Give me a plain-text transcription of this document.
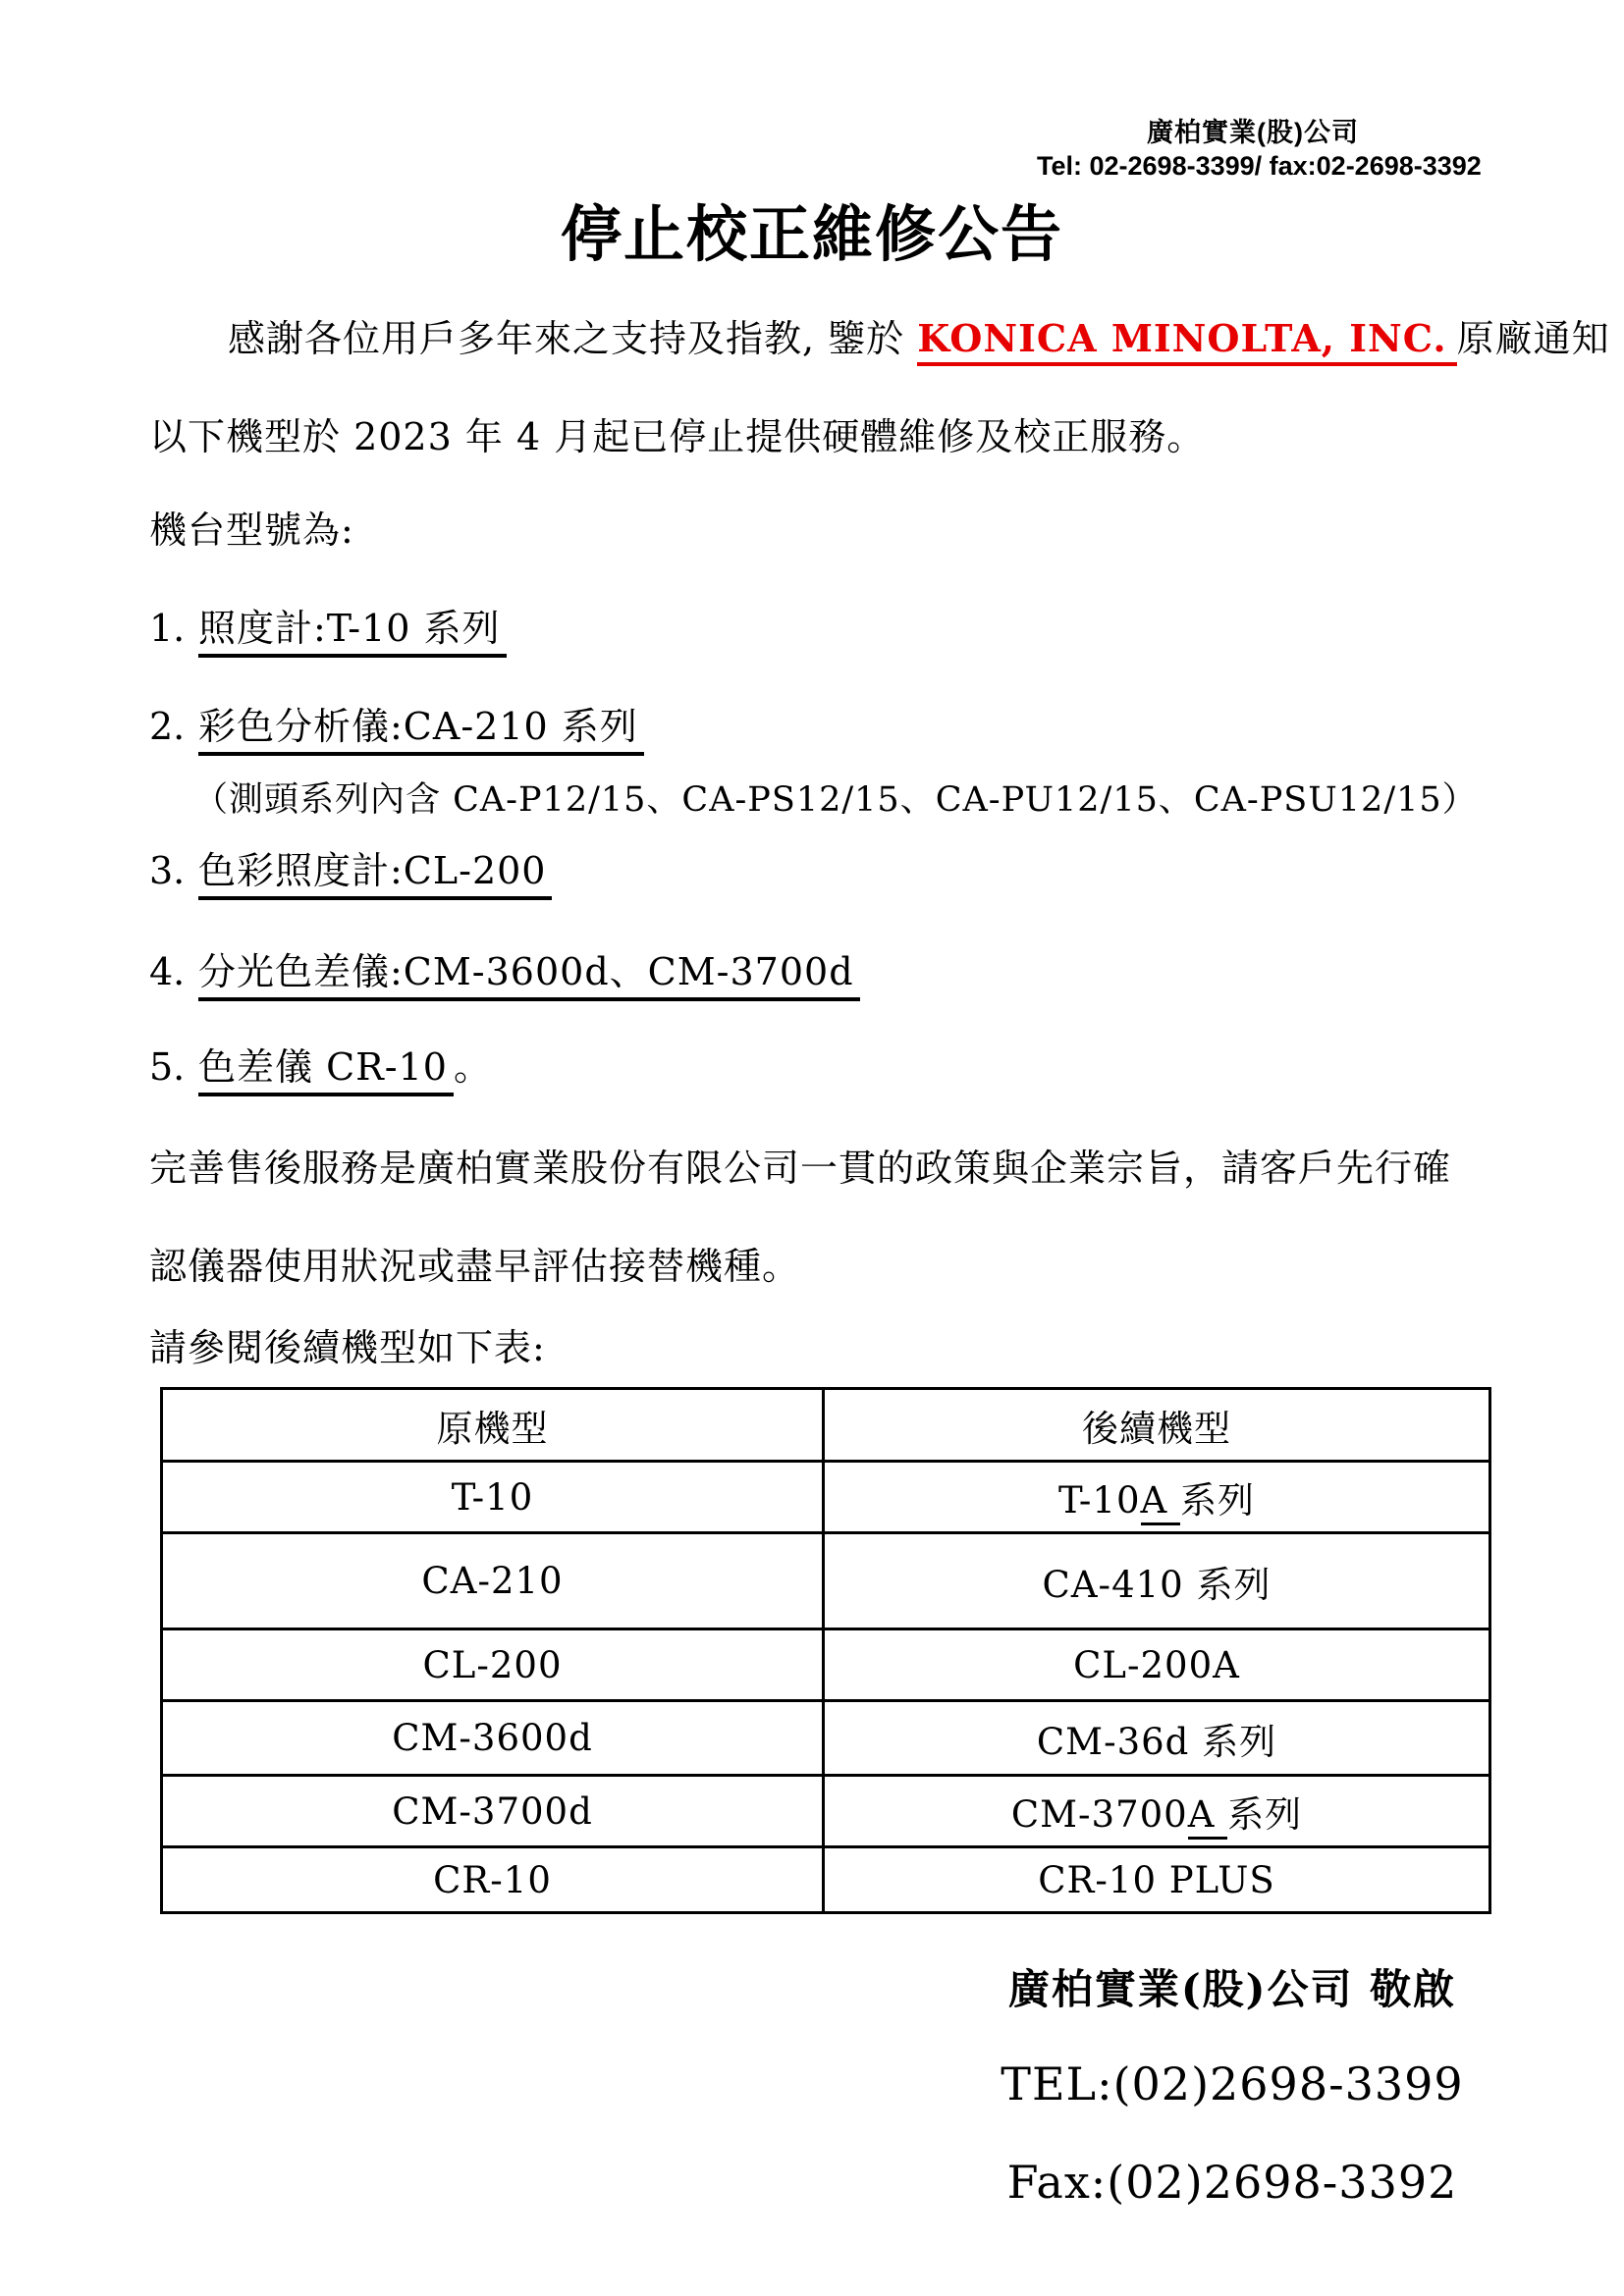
廣柏實業(股)公司
Tel: 02-2698-3399/ fax:02-2698-3392
停止校正維修公告
感謝各位用戶多年來之支持及指教, 鑒於 KONICA MINOLTA, INC. 原廠通知
以下機型於 2023 年 4 月起已停止提供硬體維修及校正服務。
機台型號為:
1. 照度計:T-10 系列
2. 彩色分析儀:CA-210 系列
（測頭系列內含 CA-P12/15、CA-PS12/15、CA-PU12/15、CA-PSU12/15）
3. 色彩照度計:CL-200
4. 分光色差儀:CM-3600d、CM-3700d
5. 色差儀 CR-10 。
完善售後服務是廣柏實業股份有限公司一貫的政策與企業宗旨，請客戶先行確
認儀器使用狀況或盡早評估接替機種。
請參閱後續機型如下表:
原機型	後續機型
T-10	T-10A 系列
CA-210	CA-410 系列
CL-200	CL-200A
CM-3600d	CM-36d 系列
CM-3700d	CM-3700A 系列
CR-10	CR-10 PLUS
廣柏實業(股)公司 敬啟
TEL:(02)2698-3399
Fax:(02)2698-3392
